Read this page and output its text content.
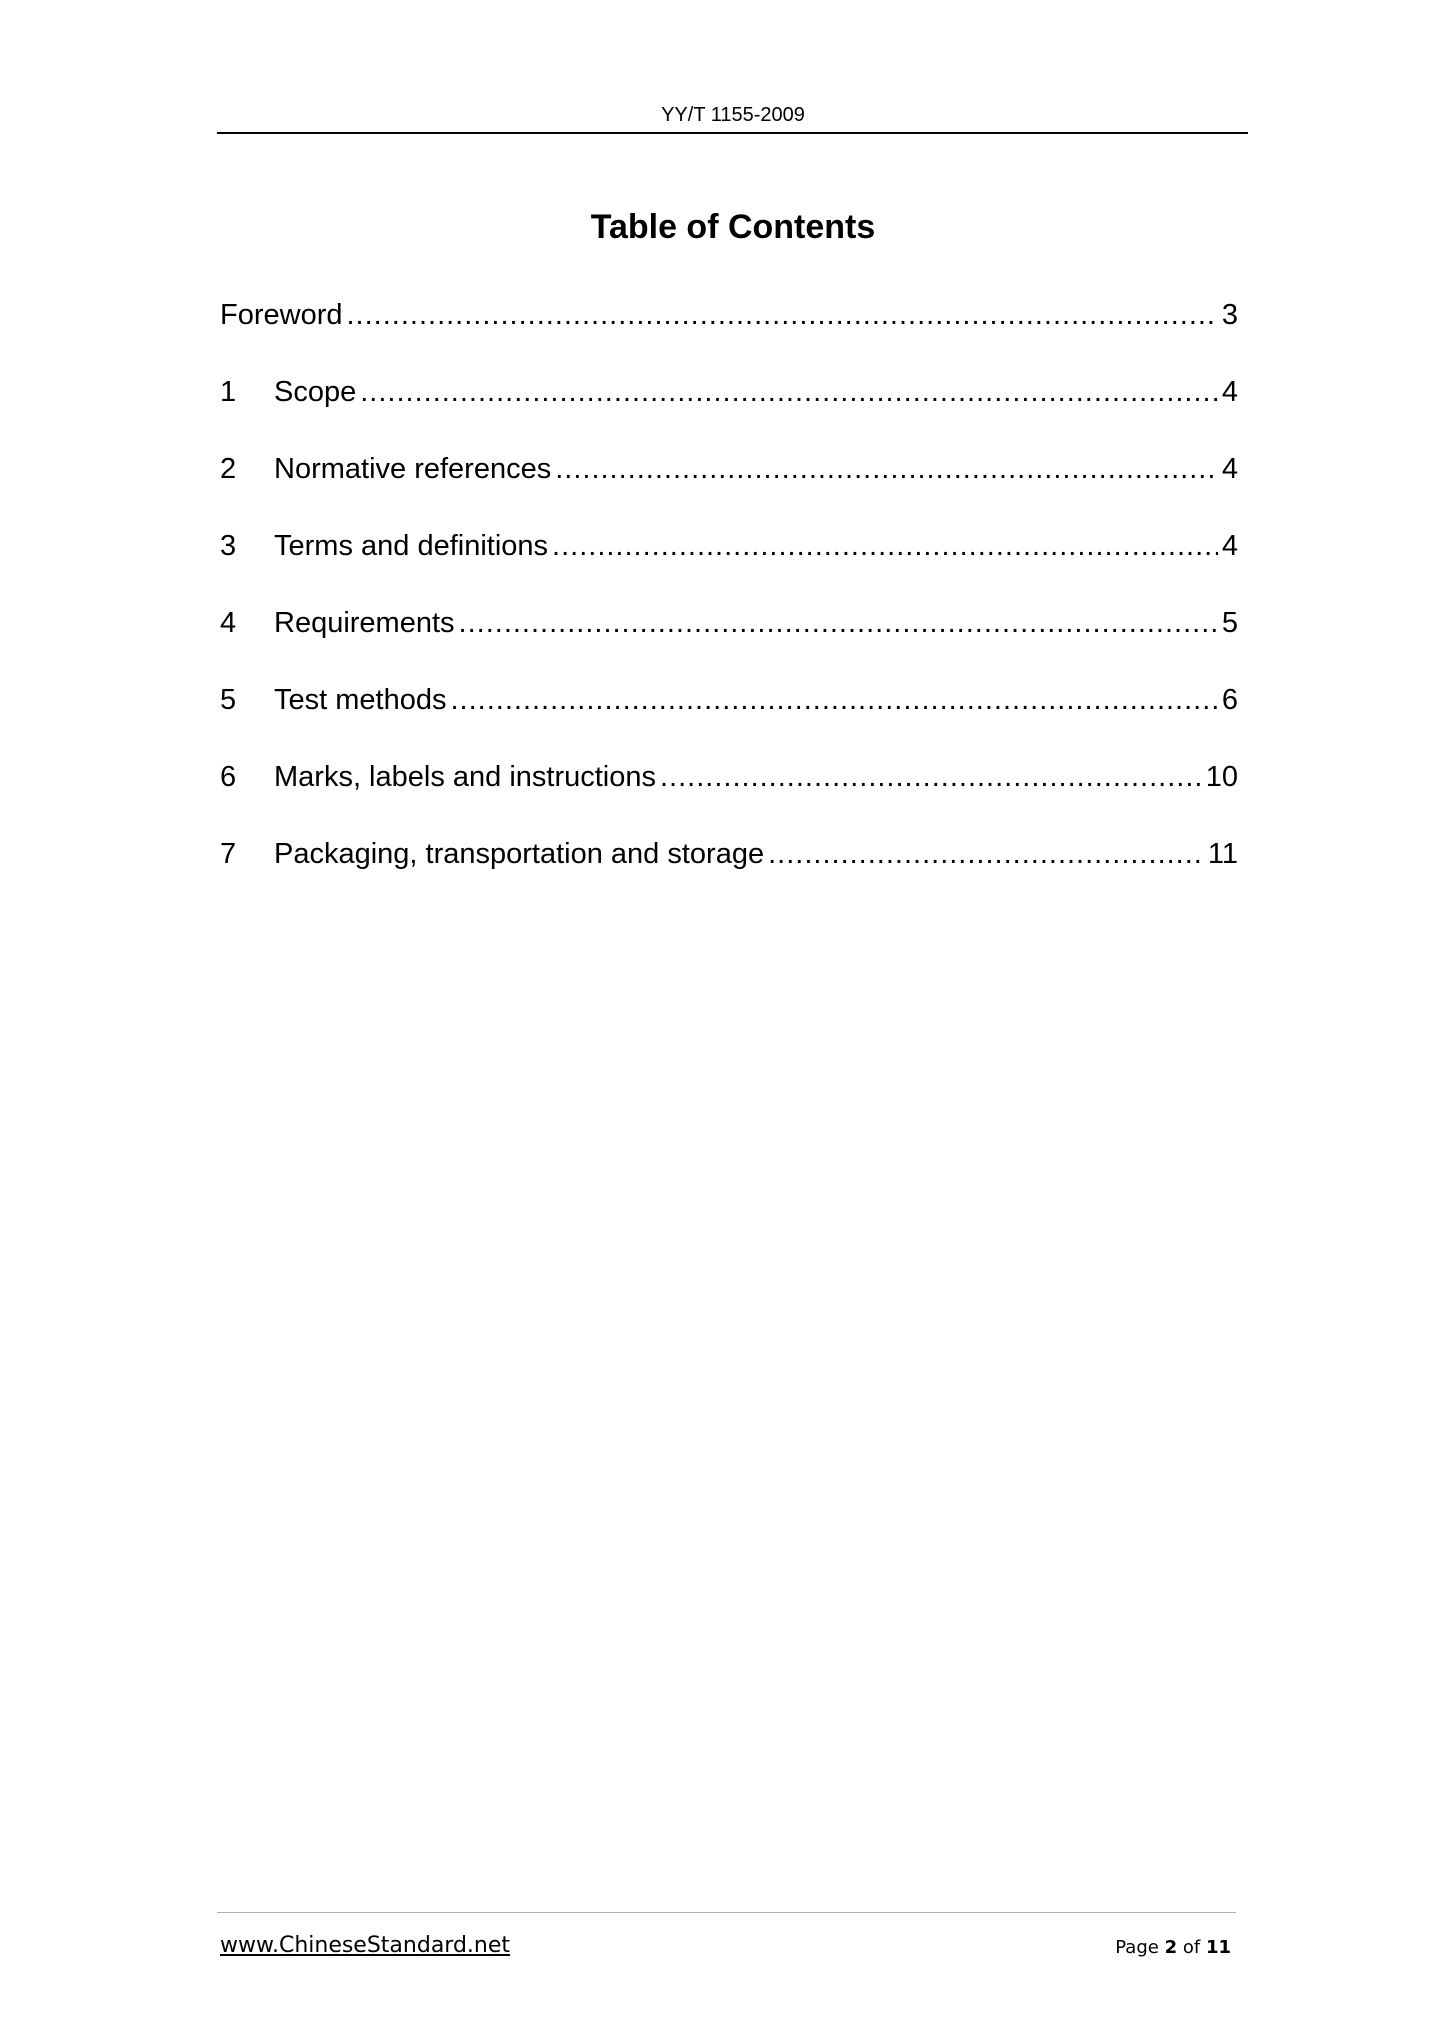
YY/T 1155-2009
Table of Contents
Foreword .....	3
1	Scope .....	4
2	Normative references .....	4
3	Terms and definitions .....	4
4	Requirements .....	5
5	Test methods .....	6
6	Marks, labels and instructions .....	10
7	Packaging, transportation and storage .....	11
www.ChineseStandard.net	Page 2 of 11
